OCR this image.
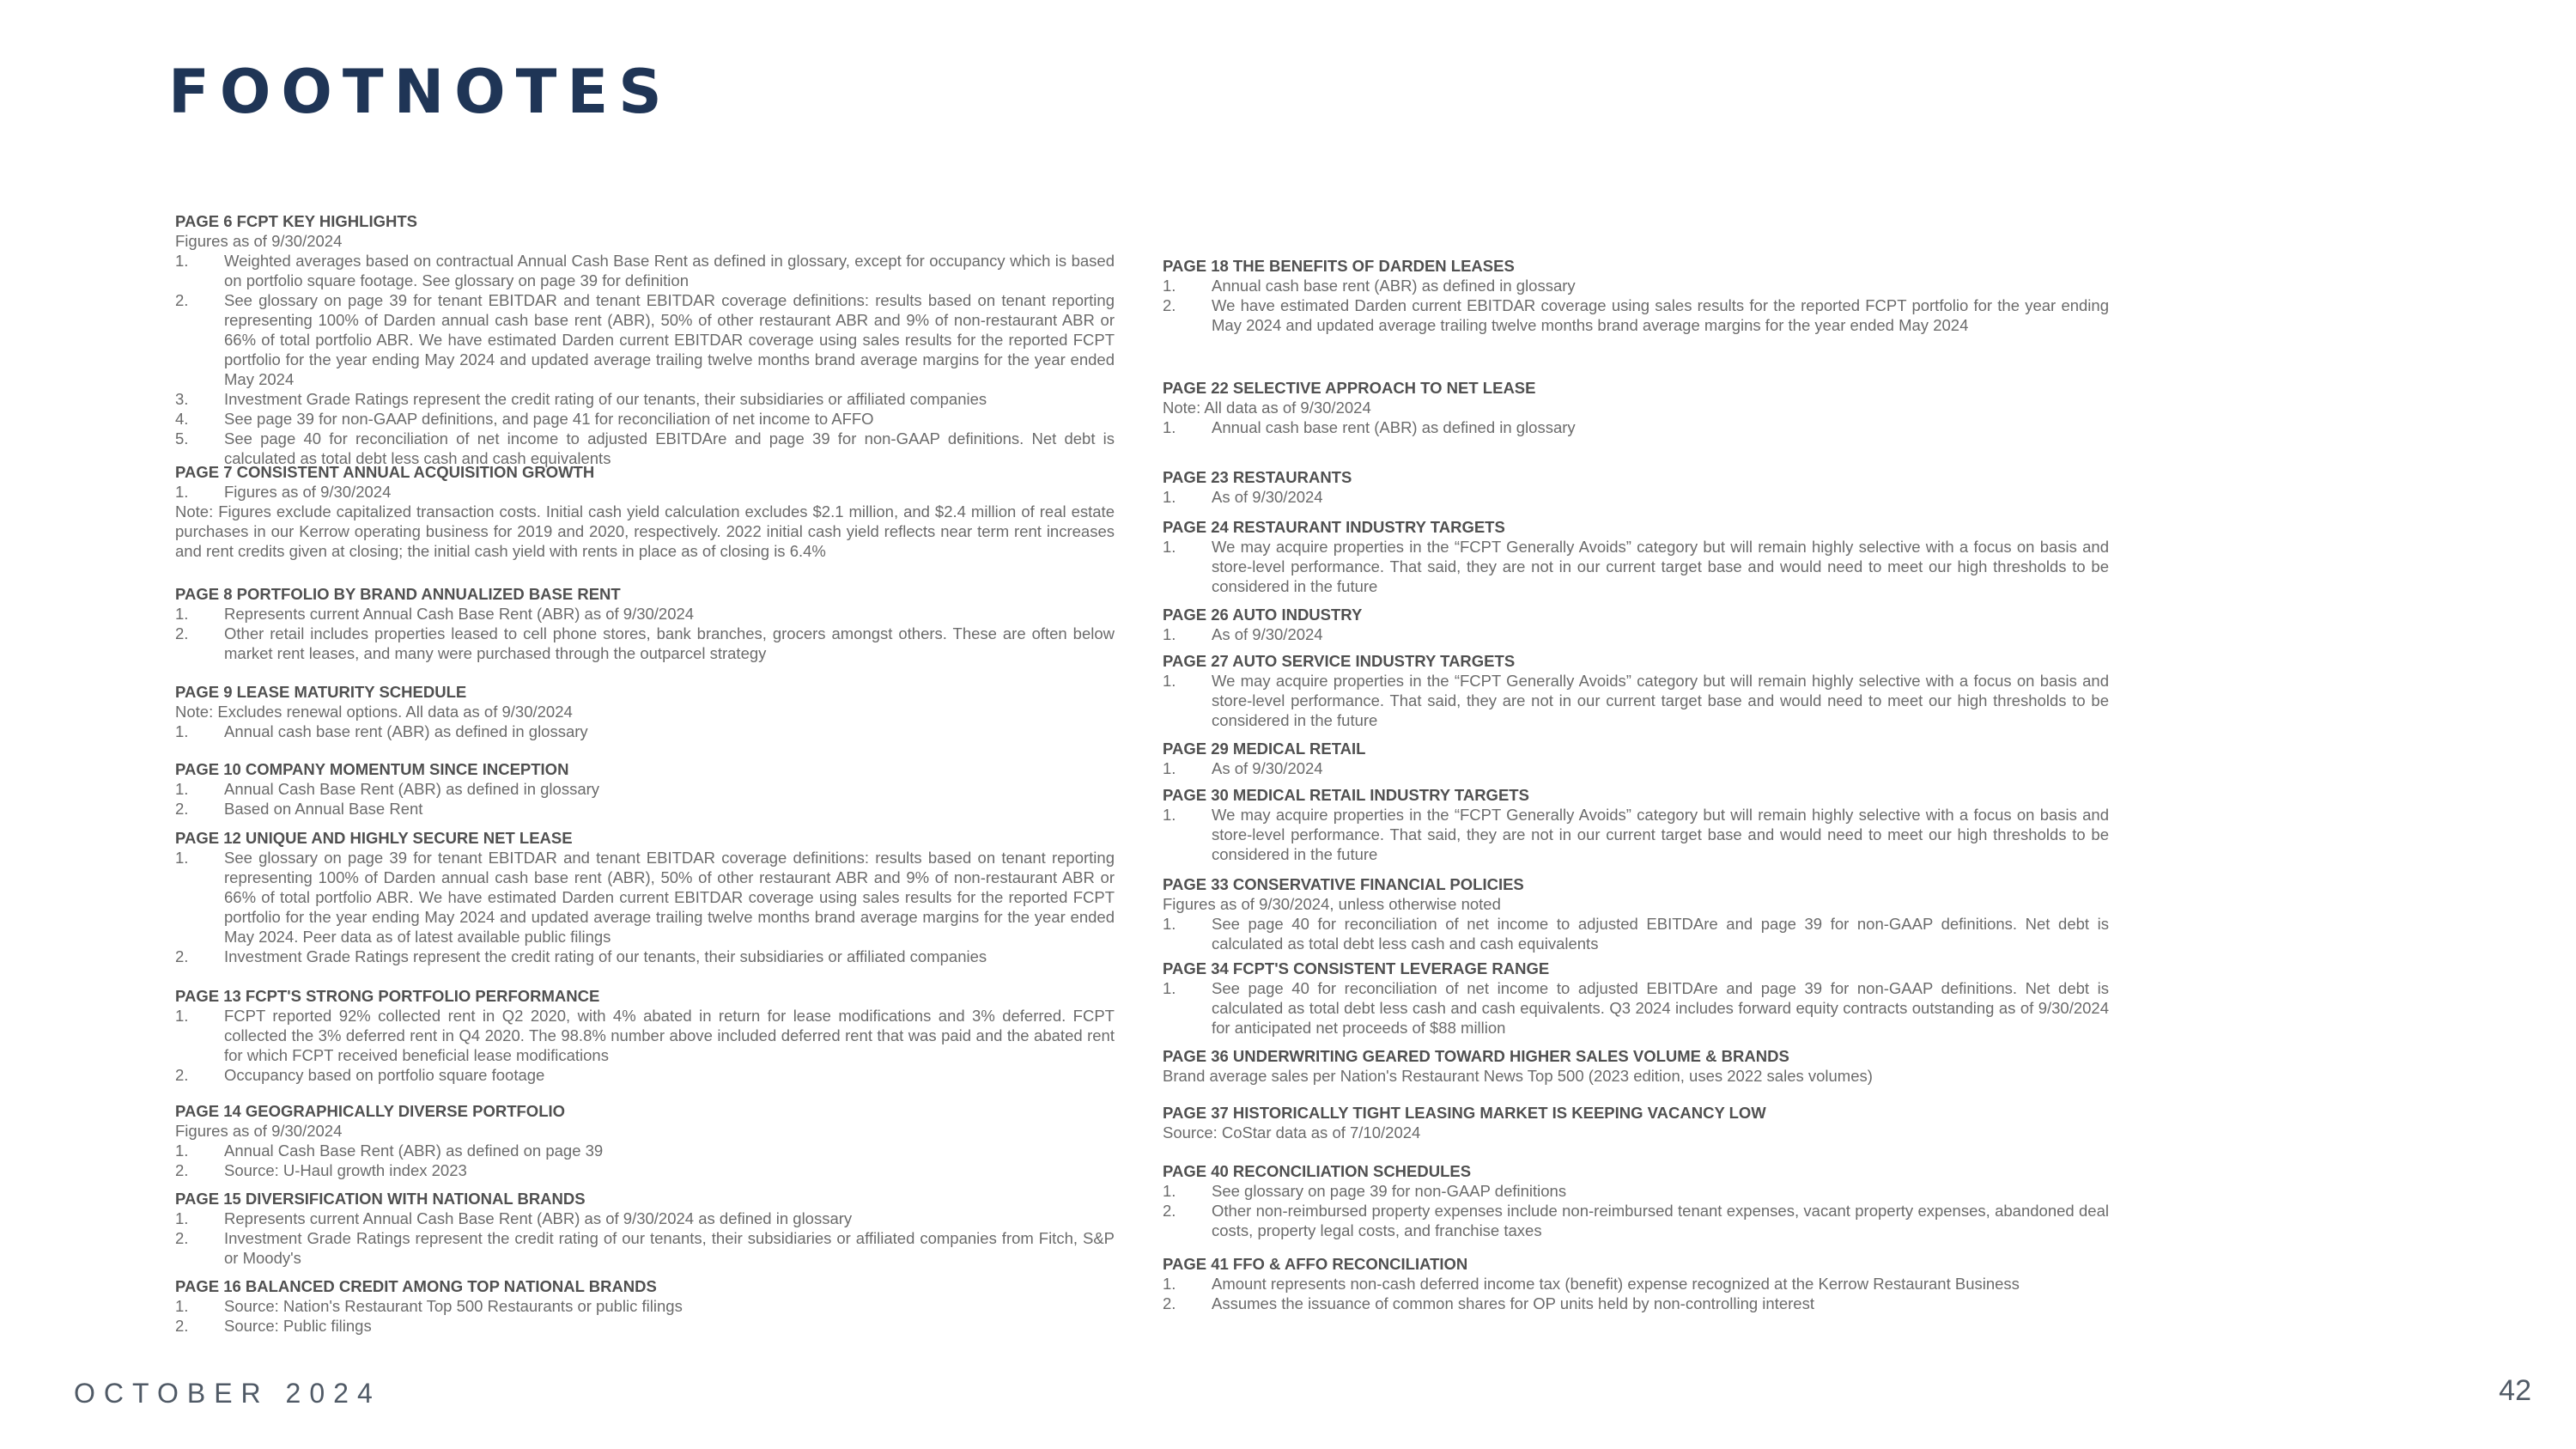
FOOTNOTES
PAGE 6 FCPT KEY HIGHLIGHTS
Figures as of 9/30/2024
1. Weighted averages based on contractual Annual Cash Base Rent as defined in glossary, except for occupancy which is based on portfolio square footage. See glossary on page 39 for definition
2. See glossary on page 39 for tenant EBITDAR and tenant EBITDAR coverage definitions: results based on tenant reporting representing 100% of Darden annual cash base rent (ABR), 50% of other restaurant ABR and 9% of non-restaurant ABR or 66% of total portfolio ABR. We have estimated Darden current EBITDAR coverage using sales results for the reported FCPT portfolio for the year ending May 2024 and updated average trailing twelve months brand average margins for the year ended May 2024
3. Investment Grade Ratings represent the credit rating of our tenants, their subsidiaries or affiliated companies
4. See page 39 for non-GAAP definitions, and page 41 for reconciliation of net income to AFFO
5. See page 40 for reconciliation of net income to adjusted EBITDAre and page 39 for non-GAAP definitions. Net debt is calculated as total debt less cash and cash equivalents
PAGE 7 CONSISTENT ANNUAL ACQUISITION GROWTH
1. Figures as of 9/30/2024
Note: Figures exclude capitalized transaction costs. Initial cash yield calculation excludes $2.1 million, and $2.4 million of real estate purchases in our Kerrow operating business for 2019 and 2020, respectively. 2022 initial cash yield reflects near term rent increases and rent credits given at closing; the initial cash yield with rents in place as of closing is 6.4%
PAGE 8 PORTFOLIO BY BRAND ANNUALIZED BASE RENT
1. Represents current Annual Cash Base Rent (ABR) as of 9/30/2024
2. Other retail includes properties leased to cell phone stores, bank branches, grocers amongst others. These are often below market rent leases, and many were purchased through the outparcel strategy
PAGE 9 LEASE MATURITY SCHEDULE
Note: Excludes renewal options. All data as of 9/30/2024
1. Annual cash base rent (ABR) as defined in glossary
PAGE 10 COMPANY MOMENTUM SINCE INCEPTION
1. Annual Cash Base Rent (ABR) as defined in glossary
2. Based on Annual Base Rent
PAGE 12 UNIQUE AND HIGHLY SECURE NET LEASE
1. See glossary on page 39 for tenant EBITDAR and tenant EBITDAR coverage definitions: results based on tenant reporting representing 100% of Darden annual cash base rent (ABR), 50% of other restaurant ABR and 9% of non-restaurant ABR or 66% of total portfolio ABR. We have estimated Darden current EBITDAR coverage using sales results for the reported FCPT portfolio for the year ending May 2024 and updated average trailing twelve months brand average margins for the year ended May 2024. Peer data as of latest available public filings
2. Investment Grade Ratings represent the credit rating of our tenants, their subsidiaries or affiliated companies
PAGE 13 FCPT'S STRONG PORTFOLIO PERFORMANCE
1. FCPT reported 92% collected rent in Q2 2020, with 4% abated in return for lease modifications and 3% deferred. FCPT collected the 3% deferred rent in Q4 2020. The 98.8% number above included deferred rent that was paid and the abated rent for which FCPT received beneficial lease modifications
2. Occupancy based on portfolio square footage
PAGE 14 GEOGRAPHICALLY DIVERSE PORTFOLIO
Figures as of 9/30/2024
1. Annual Cash Base Rent (ABR) as defined on page 39
2. Source: U-Haul growth index 2023
PAGE 15 DIVERSIFICATION WITH NATIONAL BRANDS
1. Represents current Annual Cash Base Rent (ABR) as of 9/30/2024 as defined in glossary
2. Investment Grade Ratings represent the credit rating of our tenants, their subsidiaries or affiliated companies from Fitch, S&P or Moody's
PAGE 16 BALANCED CREDIT AMONG TOP NATIONAL BRANDS
1. Source: Nation's Restaurant Top 500 Restaurants or public filings
2. Source: Public filings
PAGE 18 THE BENEFITS OF DARDEN LEASES
1. Annual cash base rent (ABR) as defined in glossary
2. We have estimated Darden current EBITDAR coverage using sales results for the reported FCPT portfolio for the year ending May 2024 and updated average trailing twelve months brand average margins for the year ended May 2024
PAGE 22 SELECTIVE APPROACH TO NET LEASE
Note: All data as of 9/30/2024
1. Annual cash base rent (ABR) as defined in glossary
PAGE 23 RESTAURANTS
1. As of 9/30/2024
PAGE 24 RESTAURANT INDUSTRY TARGETS
1. We may acquire properties in the “FCPT Generally Avoids” category but will remain highly selective with a focus on basis and store-level performance. That said, they are not in our current target base and would need to meet our high thresholds to be considered in the future
PAGE 26 AUTO INDUSTRY
1. As of 9/30/2024
PAGE 27 AUTO SERVICE INDUSTRY TARGETS
1. We may acquire properties in the “FCPT Generally Avoids” category but will remain highly selective with a focus on basis and store-level performance. That said, they are not in our current target base and would need to meet our high thresholds to be considered in the future
PAGE 29 MEDICAL RETAIL
1. As of 9/30/2024
PAGE 30 MEDICAL RETAIL INDUSTRY TARGETS
1. We may acquire properties in the “FCPT Generally Avoids” category but will remain highly selective with a focus on basis and store-level performance. That said, they are not in our current target base and would need to meet our high thresholds to be considered in the future
PAGE 33 CONSERVATIVE FINANCIAL POLICIES
Figures as of 9/30/2024, unless otherwise noted
1. See page 40 for reconciliation of net income to adjusted EBITDAre and page 39 for non-GAAP definitions. Net debt is calculated as total debt less cash and cash equivalents
PAGE 34 FCPT'S CONSISTENT LEVERAGE RANGE
1. See page 40 for reconciliation of net income to adjusted EBITDAre and page 39 for non-GAAP definitions. Net debt is calculated as total debt less cash and cash equivalents. Q3 2024 includes forward equity contracts outstanding as of 9/30/2024 for anticipated net proceeds of $88 million
PAGE 36 UNDERWRITING GEARED TOWARD HIGHER SALES VOLUME & BRANDS
Brand average sales per Nation's Restaurant News Top 500 (2023 edition, uses 2022 sales volumes)
PAGE 37 HISTORICALLY TIGHT LEASING MARKET IS KEEPING VACANCY LOW
Source: CoStar data as of 7/10/2024
PAGE 40 RECONCILIATION SCHEDULES
1. See glossary on page 39 for non-GAAP definitions
2. Other non-reimbursed property expenses include non-reimbursed tenant expenses, vacant property expenses, abandoned deal costs, property legal costs, and franchise taxes
PAGE 41 FFO & AFFO RECONCILIATION
1. Amount represents non-cash deferred income tax (benefit) expense recognized at the Kerrow Restaurant Business
2. Assumes the issuance of common shares for OP units held by non-controlling interest
OCTOBER 2024	42
